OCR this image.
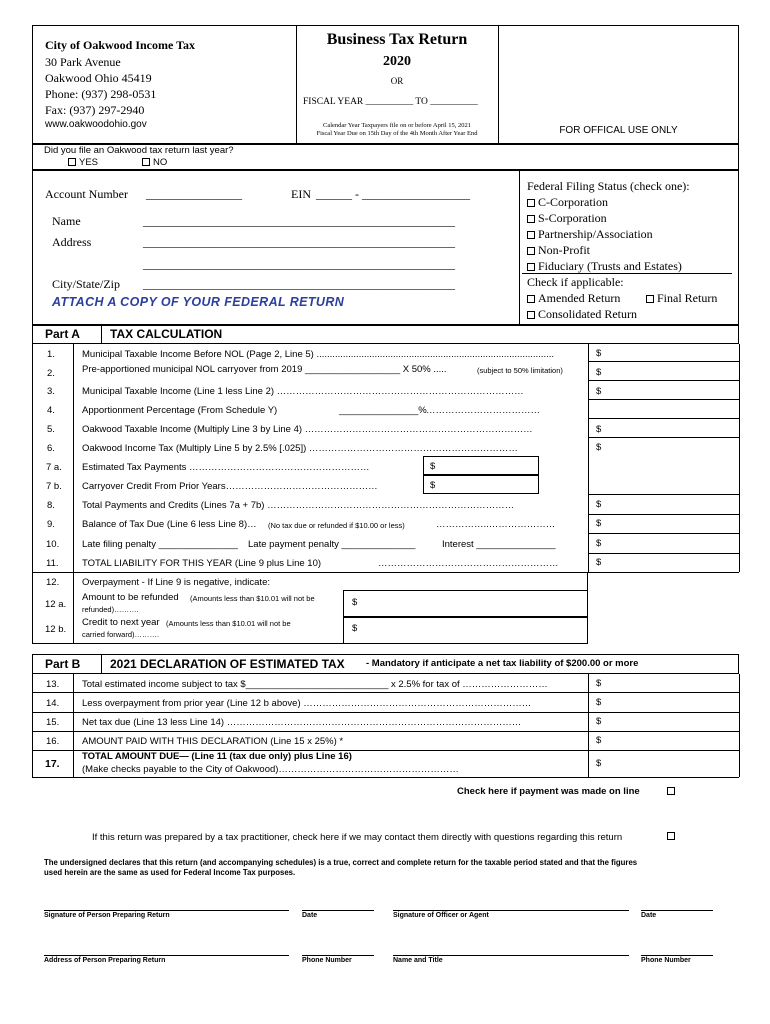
City of Oakwood Income Tax
30 Park Avenue
Oakwood Ohio 45419
Phone: (937) 298-0531
Fax: (937) 297-2940
www.oakwoodohio.gov
Business Tax Return
2020
OR
FISCAL YEAR __________ TO __________
Calendar Year Taxpayers file on or before April 15, 2021
Fiscal Year Due on 15th Day of the 4th Month After Year End	FOR OFFICAL USE ONLY
Did you file an Oakwood tax return last year?
YES	NO
Account Number ________________	EIN ______ - __________________
Name	____________________________________________________
Address	____________________________________________________
____________________________________________________
City/State/Zip ____________________________________________________
ATTACH A COPY OF YOUR FEDERAL RETURN
Federal Filing Status (check one):
C-Corporation
S-Corporation
Partnership/Association
Non-Profit
Fiduciary (Trusts and Estates)
Check if applicable:
Amended Return	Final Return
Consolidated Return
Part A	TAX CALCULATION
1.	Municipal Taxable Income Before NOL (Page 2, Line 5) ..........................................................................................	$
2.	Pre-apportioned municipal NOL carryover from 2019 __________________ X 50% .....	(subject to 50% limitation)	$
3.	Municipal Taxable Income (Line 1 less Line 2) ……………………………………………………………………	$
4.	Apportionment Percentage (From Schedule Y)	_______________% ………………………………
5.	Oakwood Taxable Income (Multiply Line 3 by Line 4) ………………………………………………………………	$
6.	Oakwood Income Tax (Multiply Line 5 by 2.5% [.025]) …………………………………………………………	$
7 a. Estimated Tax Payments …………………………………………………	$
7 b. Carryover Credit From Prior Years…………………………………………	$
8.	Total Payments and Credits (Lines 7a + 7b) ……………………………………………………………………	$
9.	Balance of Tax Due (Line 6 less Line 8)… (No tax due or refunded if $10.00 or less)	……………..…………………	$
10. Late filing penalty _______________ Late payment penalty ______________	Interest _______________	$
11. TOTAL LIABILITY FOR THIS YEAR (Line 9 plus Line 10)	…………………………………………………	$
12. Overpayment - If Line 9 is negative, indicate:
12 a.
Amount to be refunded (Amounts less than $10.01 will not be
refunded)……….
$
12 b.
Credit to next year (Amounts less than $10.01 will not be
carried forward)……….
$
Part B 2021 DECLARATION OF ESTIMATED TAX - Mandatory if anticipate a net tax liability of $200.00 or more
13. Total estimated income subject to tax $___________________________ x 2.5% for tax of ………………………	$
14. Less overpayment from prior year (Line 12 b above) ………………………………………………………………	$
15. Net tax due (Line 13 less Line 14) …………………………………………………………………………………	$
16. AMOUNT PAID WITH THIS DECLARATION (Line 15 x 25%) *	$
17.
TOTAL AMOUNT DUE— (Line 11 (tax due only) plus Line 16)
(Make checks payable to the City of Oakwood)…………………………………………………
$
Check here if payment was made on line
If this return was prepared by a tax practitioner, check here if we may contact them directly with questions regarding this return
The undersigned declares that this return (and accompanying schedules) is a true, correct and complete return for the taxable period stated and that the figures
used herein are the same as used for Federal Income Tax purposes.
Signature of Person Preparing Return	Date	Signature of Officer or Agent	Date
Address of Person Preparing Return	Phone Number	Name and Title	Phone Number
